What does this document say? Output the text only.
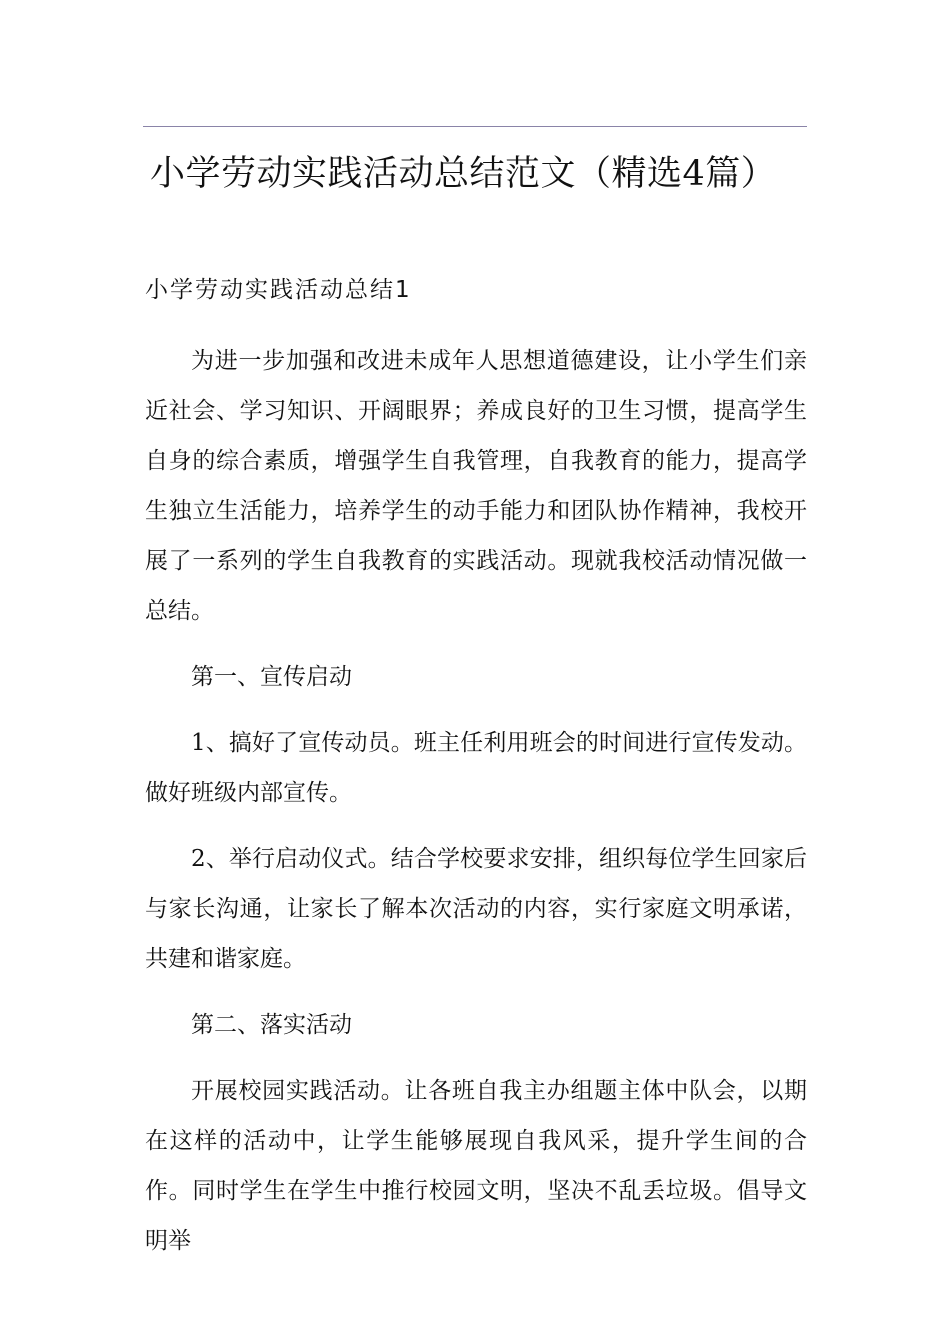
小学劳动实践活动总结范文（精选4篇）
小学劳动实践活动总结1

为进一步加强和改进未成年人思想道德建设，让小学生们亲近社会、学习知识、开阔眼界；养成良好的卫生习惯，提高学生自身的综合素质，增强学生自我管理，自我教育的能力，提高学生独立生活能力，培养学生的动手能力和团队协作精神，我校开展了一系列的学生自我教育的实践活动。现就我校活动情况做一总结。

第一、宣传启动

1、搞好了宣传动员。班主任利用班会的时间进行宣传发动。做好班级内部宣传。

2、举行启动仪式。结合学校要求安排，组织每位学生回家后与家长沟通，让家长了解本次活动的内容，实行家庭文明承诺，共建和谐家庭。

第二、落实活动

开展校园实践活动。让各班自我主办组题主体中队会，以期在这样的活动中，让学生能够展现自我风采，提升学生间的合作。同时学生在学生中推行校园文明，坚决不乱丢垃圾。倡导文明举
